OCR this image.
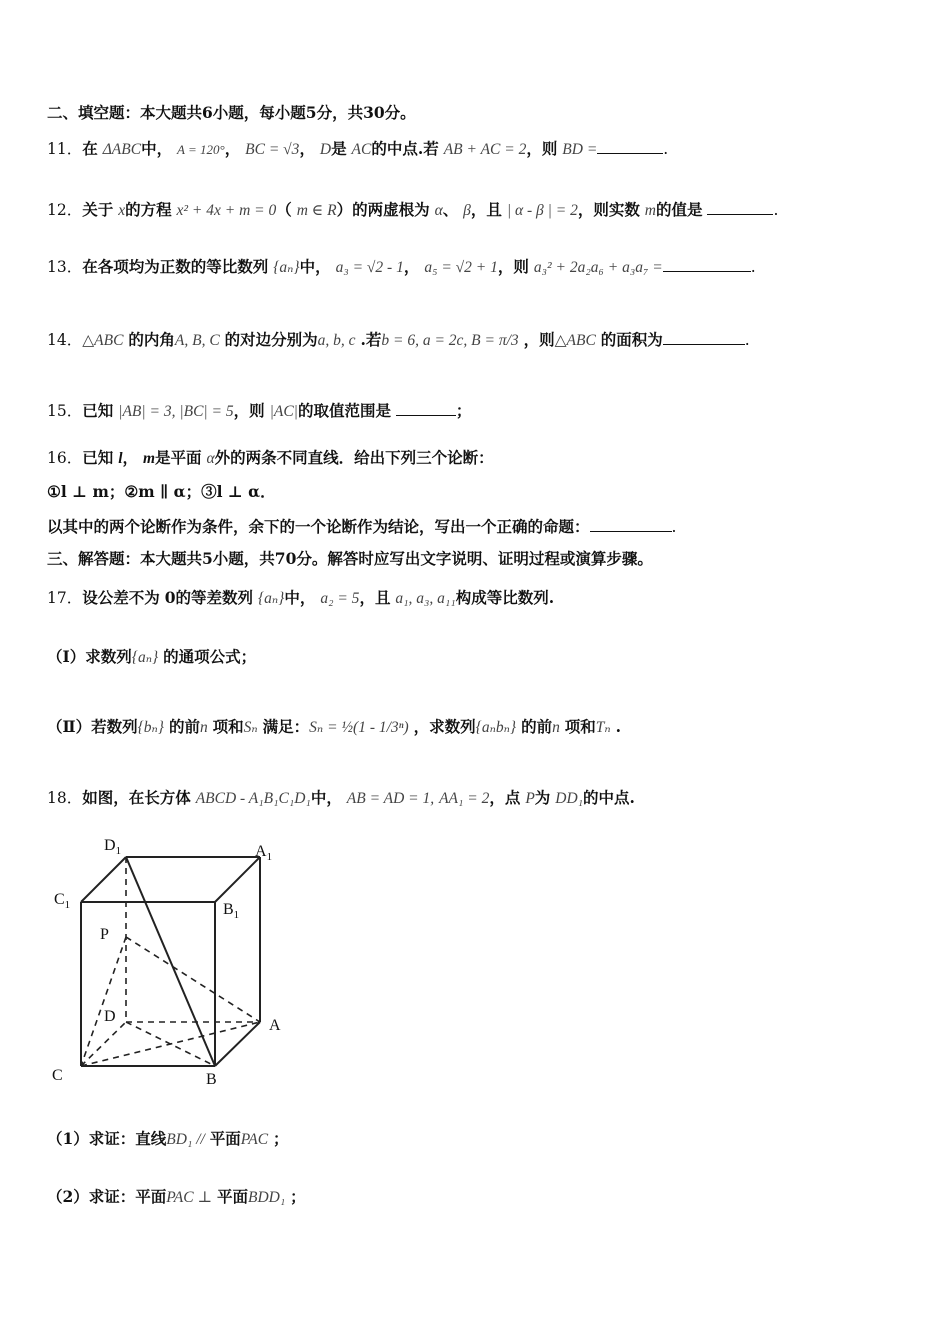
二、填空题：本大题共6小题，每小题5分，共30分。
11．在 ΔABC中， A = 120°， BC = √3， D是 AC的中点.若 AB + AC = 2，则 BD =	.
12．关于 x的方程 x² + 4x + m = 0（ m ∈ R）的两虚根为 α、 β，且 | α - β | = 2，则实数 m的值是	.
13．在各项均为正数的等比数列 {aₙ}中， a₃ = √2 - 1， a₅ = √2 + 1，则 a₃² + 2a₂a₆ + a₃a₇ =	.
14．△ABC 的内角A, B, C 的对边分别为a, b, c .若b = 6, a = 2c, B = π/3 ，则△ABC 的面积为	.
15．已知 |AB| = 3, |BC| = 5，则 |AC|的取值范围是	；
16．已知 l， m是平面 α外的两条不同直线．给出下列三个论断：
①l ⊥ m；②m ∥ α；③l ⊥ α．
以其中的两个论断作为条件，余下的一个论断作为结论，写出一个正确的命题：	.
三、解答题：本大题共5小题，共70分。解答时应写出文字说明、证明过程或演算步骤。
17．设公差不为 0的等差数列 {aₙ}中， a₂ = 5，且 a₁, a₃, a₁₁构成等比数列.
（Ⅰ）求数列{aₙ} 的通项公式；
（Ⅱ）若数列{bₙ} 的前n 项和Sₙ 满足：Sₙ = ½(1 - 1/3ⁿ) ，求数列{aₙbₙ} 的前n 项和Tₙ .
18．如图，在长方体 ABCD - A₁B₁C₁D₁中， AB = AD = 1, AA₁ = 2，点 P为 DD₁的中点.
$D_1$	$A_1$
$C_1$	$B_1$
P
D
A
C	B
（1）求证：直线BD₁ // 平面PAC ；
（2）求证：平面PAC ⊥ 平面BDD₁ ；
